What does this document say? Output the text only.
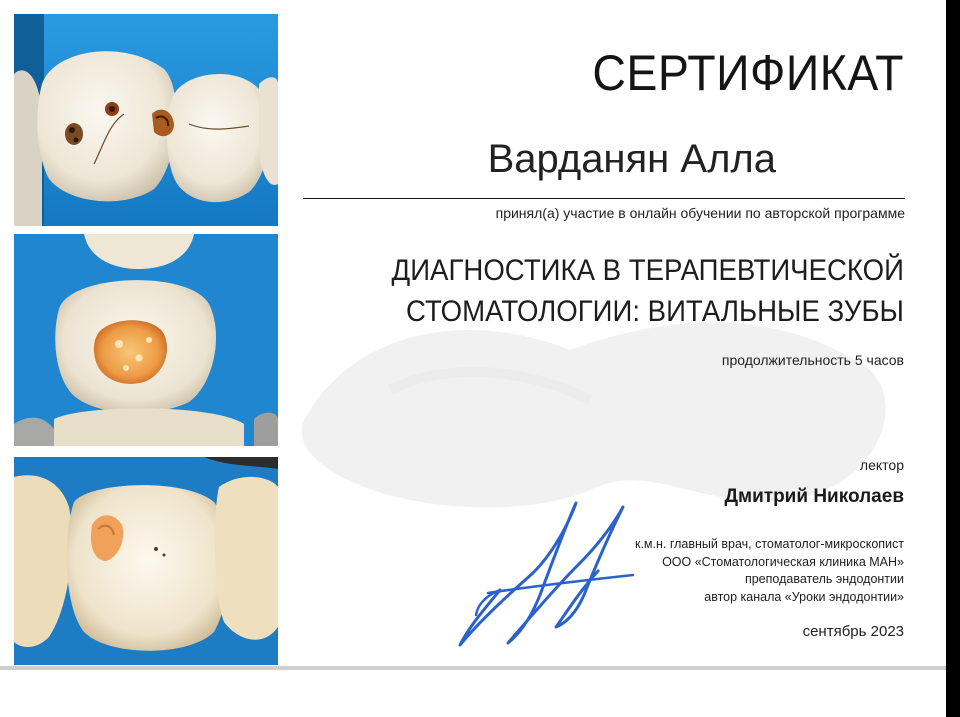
СЕРТИФИКАТ
Варданян Алла
принял(а) участие в онлайн обучении по авторской программе
ДИАГНОСТИКА В ТЕРАПЕВТИЧЕСКОЙ
СТОМАТОЛОГИИ: ВИТАЛЬНЫЕ ЗУБЫ
продолжительность 5 часов
лектор
Дмитрий Николаев
к.м.н. главный врач, стоматолог-микроскопист
ООО «Стоматологическая клиника МАН»
преподаватель эндодонтии
автор канала «Уроки эндодонтии»
сентябрь 2023
